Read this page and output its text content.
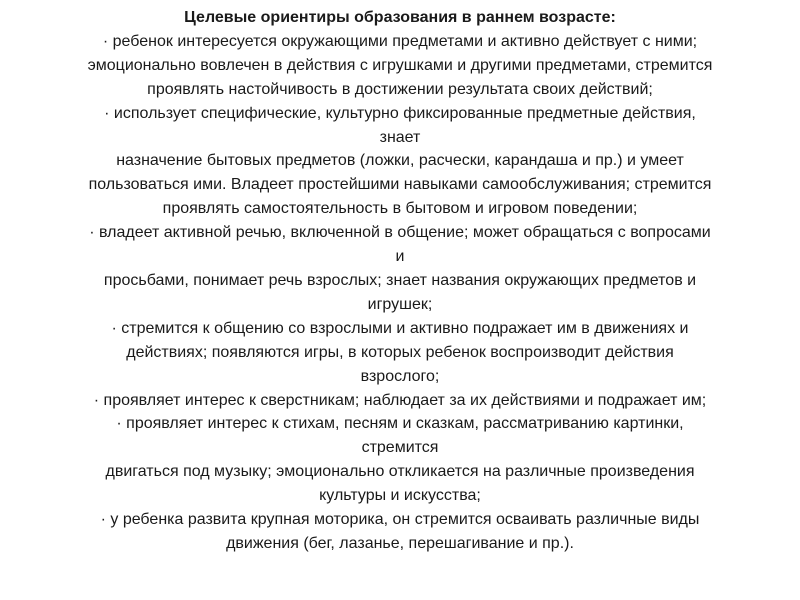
Целевые ориентиры образования в раннем возрасте:
· ребенок интересуется окружающими предметами и активно действует с ними;
эмоционально вовлечен в действия с игрушками и другими предметами, стремится
проявлять настойчивость в достижении результата своих действий;
· использует специфические, культурно фиксированные предметные действия,
знает
назначение бытовых предметов (ложки, расчески, карандаша и пр.) и умеет
пользоваться ими. Владеет простейшими навыками самообслуживания; стремится
проявлять самостоятельность в бытовом и игровом поведении;
· владеет активной речью, включенной в общение; может обращаться с вопросами
и
просьбами, понимает речь взрослых; знает названия окружающих предметов и
игрушек;
· стремится к общению со взрослыми и активно подражает им в движениях и
действиях; появляются игры, в которых ребенок воспроизводит действия
взрослого;
· проявляет интерес к сверстникам; наблюдает за их действиями и подражает им;
· проявляет интерес к стихам, песням и сказкам, рассматриванию картинки,
стремится
двигаться под музыку; эмоционально откликается на различные произведения
культуры и искусства;
· у ребенка развита крупная моторика, он стремится осваивать различные виды
движения (бег, лазанье, перешагивание и пр.).
